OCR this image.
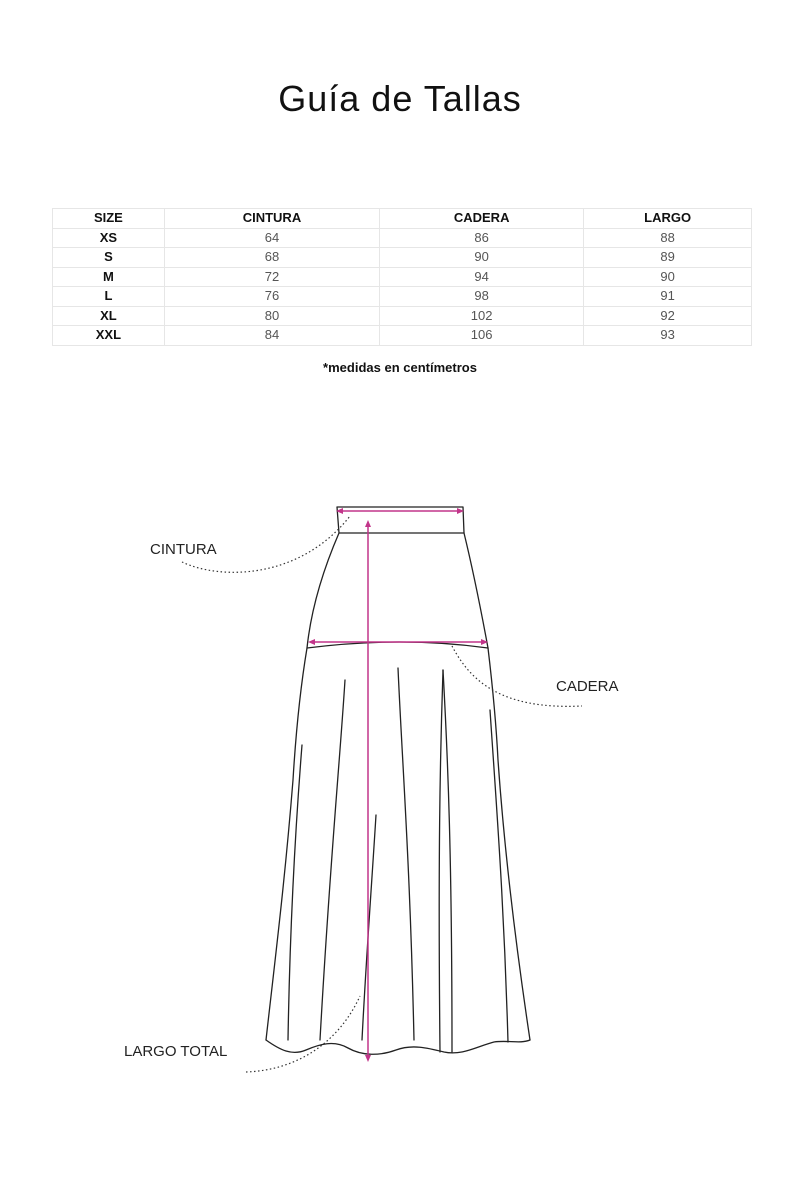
Guía de Tallas
SIZE	CINTURA	CADERA	LARGO
XS	64	86	88
S	68	90	89
M	72	94	90
L	76	98	91
XL	80	102	92
XXL	84	106	93
*medidas en centímetros
CINTURA
CADERA
LARGO TOTAL
